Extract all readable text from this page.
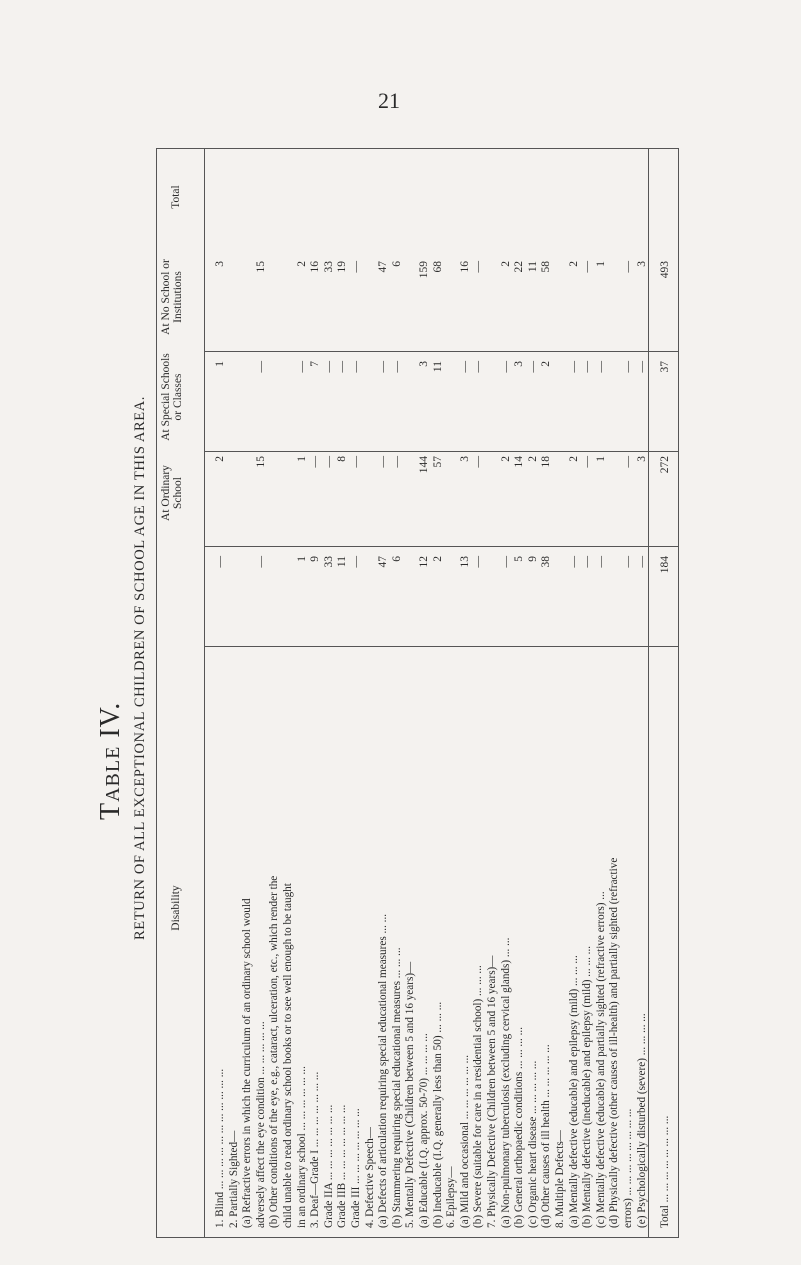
21
Table IV. RETURN OF ALL EXCEPTIONAL CHILDREN OF SCHOOL AGE IN THIS AREA.
Total
At No School or Institutions
At Special Schools or Classes
At Ordinary School
Disability
1. Blind ... ... ... ... ... ... ... ... ... ... ...
—
2
1
3
2. Partially Sighted— (a) Refractive errors in which the curriculum of an ordinary school would adversely affect the eye condition ... ... ... ... ...
—
15
—
15
(b) Other conditions of the eye, e.g., cataract, ulceration, etc., which render the child unable to read ordinary school books or to see well enough to be taught in an ordinary school ... ... ... ... ... ...
1
1
—
2
3. Deaf—Grade I ... ... ... ... ... ... ...
9
—
7
16
Grade IIA ... ... ... ... ... ... ...
33
—
—
33
Grade IIB ... ... ... ... ... ... ...
11
8
—
19
Grade III ... ... ... ... ... ... ...
—
—
—
—
4. Defective Speech— (a) Defects of articulation requiring special educational measures ... ...
47
—
—
47
(b) Stammering requiring special educational measures ... ... ...
6
—
—
6
5. Mentally Defective (Children between 5 and 16 years)— (a) Educable (I.Q. approx. 50-70) ... ... ... ...
12
144
3
159
(b) Ineducable (I.Q. generally less than 50) ... ... ...
2
57
11
68
6. Epilepsy— (a) Mild and occasional ... ... ... ... ... ...
13
3
—
16
(b) Severe (suitable for care in a residential school) ... ... ...
—
—
—
—
7. Physically Defective (Children between 5 and 16 years)— (a) Non-pulmonary tuberculosis (excluding cervical glands) ... ...
—
2
—
2
(b) General orthopaedic conditions ... ... ... ...
5
14
3
22
(c) Organic heart disease ... ... ... ... ...
9
2
—
11
(d) Other causes of ill health ... ... ... ... ...
38
18
2
58
8. Multiple Defects— (a) Mentally defective (educable) and epilepsy (mild) ... ... ...
—
2
—
2
(b) Mentally defective (ineducable) and epilepsy (mild) ... ... ...
—
—
—
—
(c) Mentally defective (educable) and partially sighted (refractive errors) ...
—
1
—
1
(d) Physically defective (other causes of ill-health) and partially sighted (refractive errors) ... ... ... ... ... ... ... ...
—
—
—
—
(e) Psychologically disturbed (severe) ... ... ... ...
—
3
—
3
Total ... ... ... ... ... ... ... ...
184
272
37
493
